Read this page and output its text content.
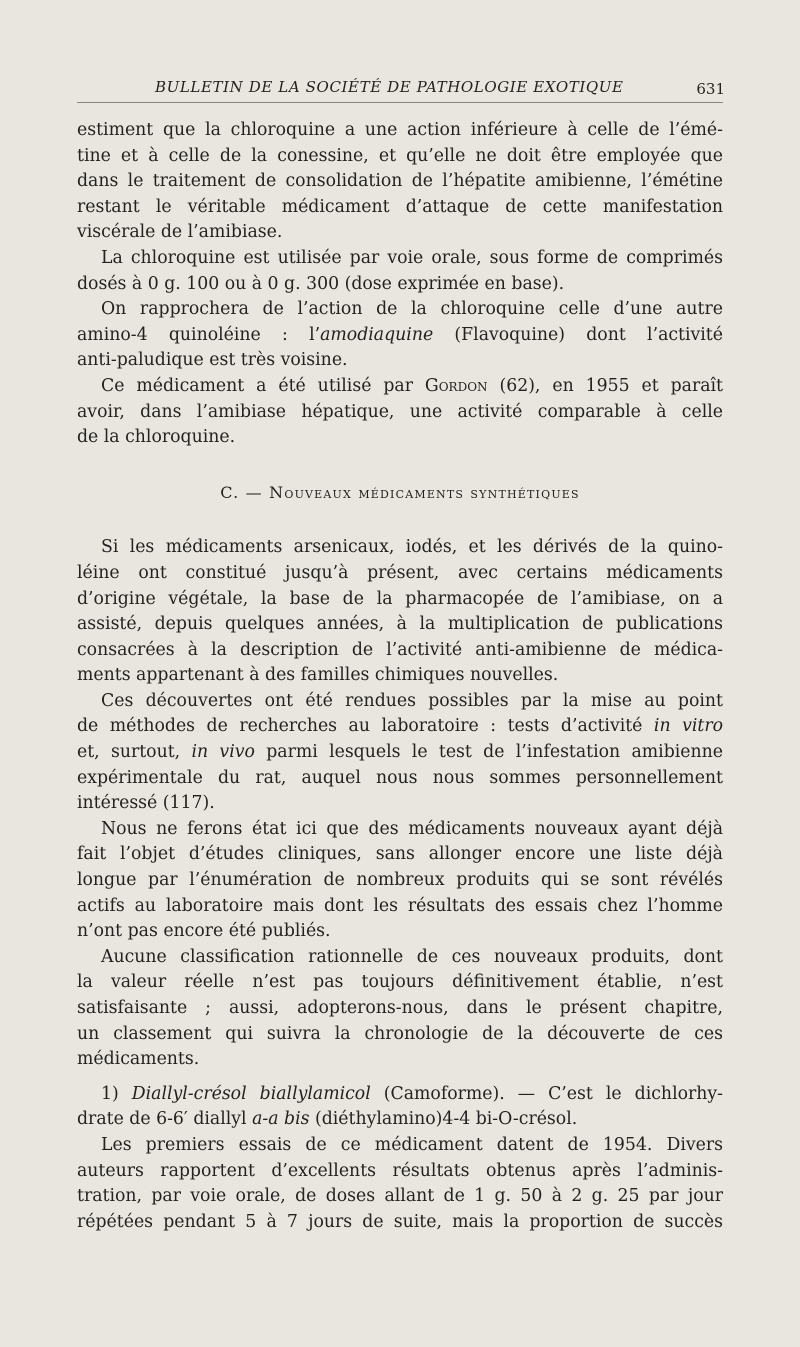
BULLETIN DE LA SOCIÉTÉ DE PATHOLOGIE EXOTIQUE	631
estiment que la chloroquine a une action inférieure à celle de l’émé-
tine et à celle de la conessine, et qu’elle ne doit être employée que
dans le traitement de consolidation de l’hépatite amibienne, l’émétine
restant le véritable médicament d’attaque de cette manifestation
viscérale de l’amibiase.
La chloroquine est utilisée par voie orale, sous forme de comprimés
dosés à 0 g. 100 ou à 0 g. 300 (dose exprimée en base).
On rapprochera de l’action de la chloroquine celle d’une autre
amino-4 quinoléine : l’amodiaquine (Flavoquine) dont l’activité
anti-paludique est très voisine.
Ce médicament a été utilisé par Gordon (62), en 1955 et paraît
avoir, dans l’amibiase hépatique, une activité comparable à celle
de la chloroquine.
C. — Nouveaux médicaments synthétiques
Si les médicaments arsenicaux, iodés, et les dérivés de la quino-
léine ont constitué jusqu’à présent, avec certains médicaments
d’origine végétale, la base de la pharmacopée de l’amibiase, on a
assisté, depuis quelques années, à la multiplication de publications
consacrées à la description de l’activité anti-amibienne de médica-
ments appartenant à des familles chimiques nouvelles.
Ces découvertes ont été rendues possibles par la mise au point
de méthodes de recherches au laboratoire : tests d’activité in vitro
et, surtout, in vivo parmi lesquels le test de l’infestation amibienne
expérimentale du rat, auquel nous nous sommes personnellement
intéressé (117).
Nous ne ferons état ici que des médicaments nouveaux ayant déjà
fait l’objet d’études cliniques, sans allonger encore une liste déjà
longue par l’énumération de nombreux produits qui se sont révélés
actifs au laboratoire mais dont les résultats des essais chez l’homme
n’ont pas encore été publiés.
Aucune classification rationnelle de ces nouveaux produits, dont
la valeur réelle n’est pas toujours définitivement établie, n’est
satisfaisante ; aussi, adopterons-nous, dans le présent chapitre,
un classement qui suivra la chronologie de la découverte de ces
médicaments.
1) Diallyl-crésol biallylamicol (Camoforme). — C’est le dichlorhy-
drate de 6-6′ diallyl a-a bis (diéthylamino)4-4 bi-O-crésol.
Les premiers essais de ce médicament datent de 1954. Divers
auteurs rapportent d’excellents résultats obtenus après l’adminis-
tration, par voie orale, de doses allant de 1 g. 50 à 2 g. 25 par jour
répétées pendant 5 à 7 jours de suite, mais la proportion de succès
